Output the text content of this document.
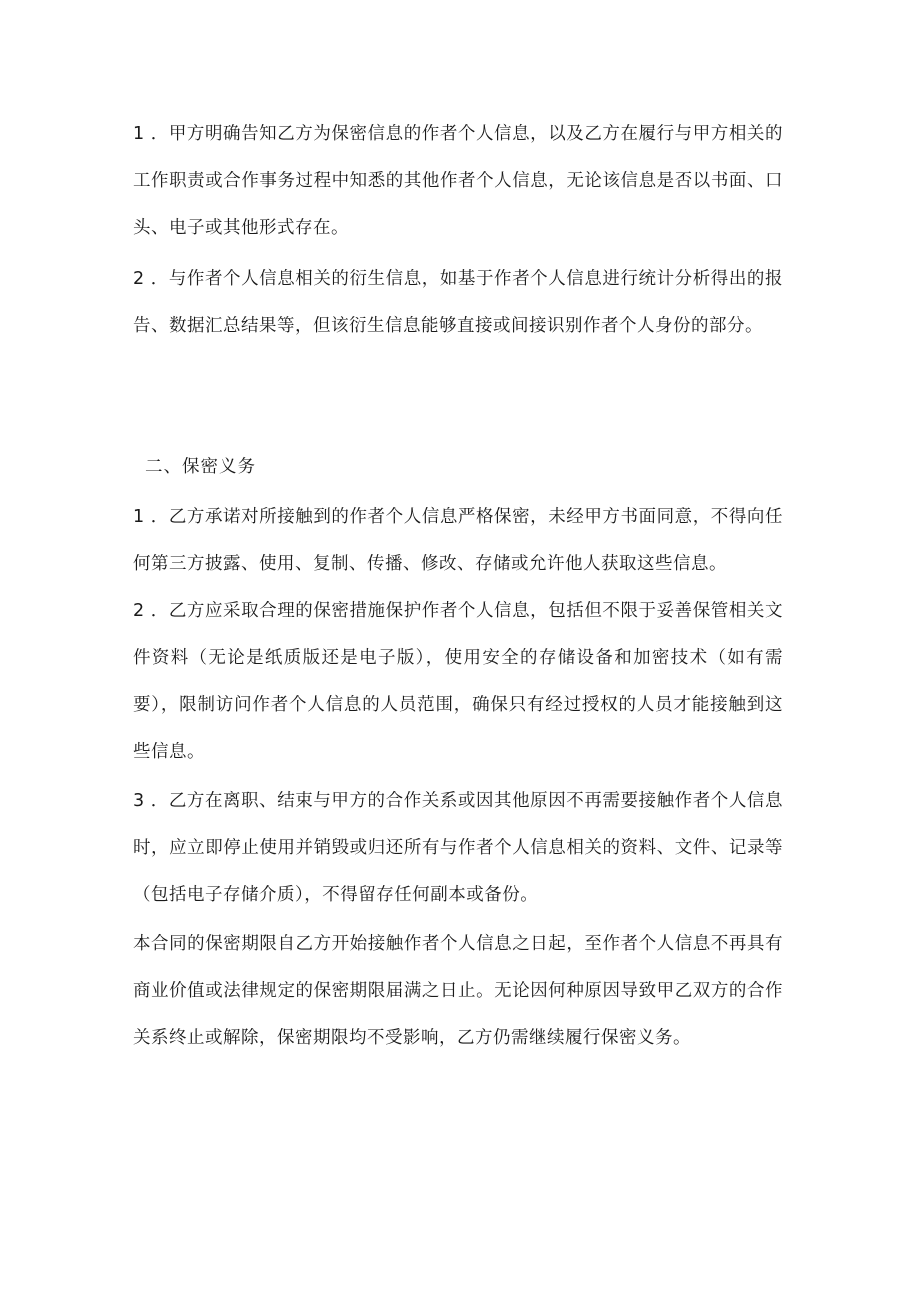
1 ．甲方明确告知乙方为保密信息的作者个人信息，以及乙方在履行与甲方相关的工作职责或合作事务过程中知悉的其他作者个人信息，无论该信息是否以书面、口头、电子或其他形式存在。

2 ．与作者个人信息相关的衍生信息，如基于作者个人信息进行统计分析得出的报告、数据汇总结果等，但该衍生信息能够直接或间接识别作者个人身份的部分。

二、保密义务

1 ．乙方承诺对所接触到的作者个人信息严格保密，未经甲方书面同意，不得向任何第三方披露、使用、复制、传播、修改、存储或允许他人获取这些信息。

2 ．乙方应采取合理的保密措施保护作者个人信息，包括但不限于妥善保管相关文件资料（无论是纸质版还是电子版），使用安全的存储设备和加密技术（如有需要），限制访问作者个人信息的人员范围，确保只有经过授权的人员才能接触到这些信息。

3 ．乙方在离职、结束与甲方的合作关系或因其他原因不再需要接触作者个人信息时，应立即停止使用并销毁或归还所有与作者个人信息相关的资料、文件、记录等（包括电子存储介质），不得留存任何副本或备份。

本合同的保密期限自乙方开始接触作者个人信息之日起，至作者个人信息不再具有商业价值或法律规定的保密期限届满之日止。无论因何种原因导致甲乙双方的合作关系终止或解除，保密期限均不受影响，乙方仍需继续履行保密义务。
